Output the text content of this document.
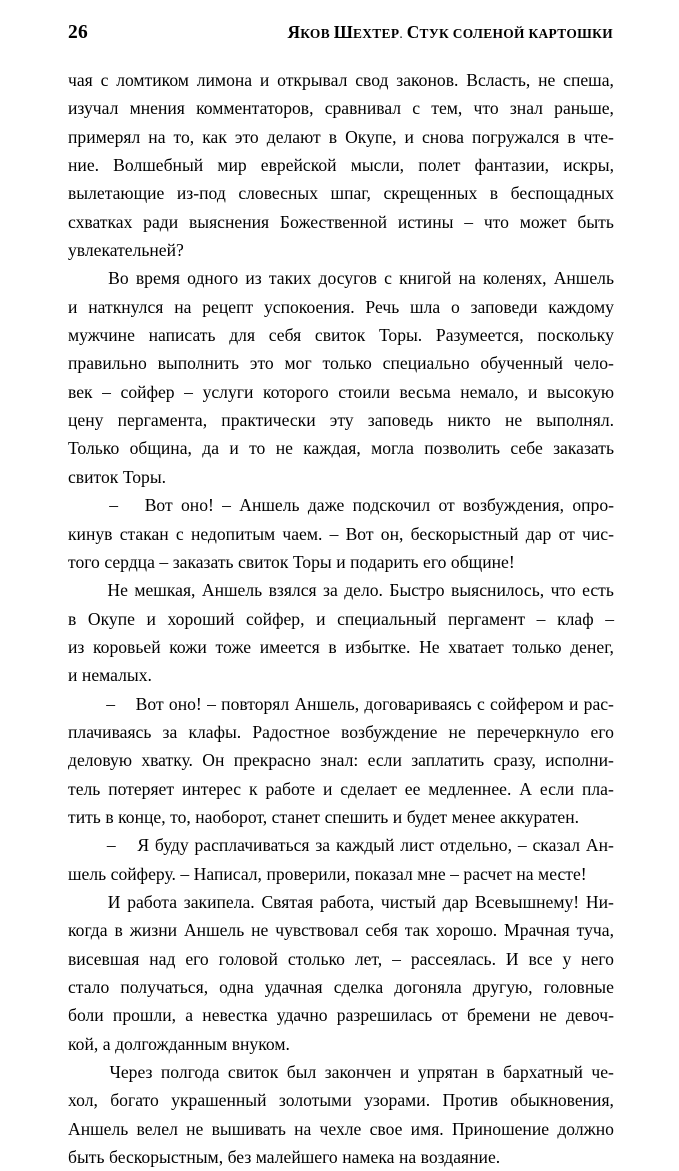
26	ЯКОВ ШЕХТЕР. СТУК СОЛЕНОЙ КАРТОШКИ

чая с ломтиком лимона и открывал свод законов. Всласть, не спеша,
изучал мнения комментаторов, сравнивал с тем, что знал раньше,
примерял на то, как это делают в Окупе, и снова погружался в чте-
ние. Волшебный мир еврейской мысли, полет фантазии, искры,
вылетающие из-под словесных шпаг, скрещенных в беспощадных
схватках ради выяснения Божественной истины – что может быть
увлекательней?

Во время одного из таких досугов с книгой на коленях, Аншель
и наткнулся на рецепт успокоения. Речь шла о заповеди каждому
мужчине написать для себя свиток Торы. Разумеется, поскольку
правильно выполнить это мог только специально обученный чело-
век – сойфер – услуги которого стоили весьма немало, и высокую
цену пергамента, практически эту заповедь никто не выполнял.
Только община, да и то не каждая, могла позволить себе заказать
свиток Торы.

– Вот оно! – Аншель даже подскочил от возбуждения, опро-
кинув стакан с недопитым чаем. – Вот он, бескорыстный дар от чис-
того сердца – заказать свиток Торы и подарить его общине!

Не мешкая, Аншель взялся за дело. Быстро выяснилось, что есть
в Окупе и хороший сойфер, и специальный пергамент – клаф –
из коровьей кожи тоже имеется в избытке. Не хватает только денег,
и немалых.

– Вот оно! – повторял Аншель, договариваясь с сойфером и рас-
плачиваясь за клафы. Радостное возбуждение не перечеркнуло его
деловую хватку. Он прекрасно знал: если заплатить сразу, исполни-
тель потеряет интерес к работе и сделает ее медленнее. А если пла-
тить в конце, то, наоборот, станет спешить и будет менее аккуратен.

– Я буду расплачиваться за каждый лист отдельно, – сказал Ан-
шель сойферу. – Написал, проверили, показал мне – расчет на месте!

И работа закипела. Святая работа, чистый дар Всевышнему! Ни-
когда в жизни Аншель не чувствовал себя так хорошо. Мрачная туча,
висевшая над его головой столько лет, – рассеялась. И все у него
стало получаться, одна удачная сделка догоняла другую, головные
боли прошли, а невестка удачно разрешилась от бремени не девоч-
кой, а долгожданным внуком.

Через полгода свиток был закончен и упрятан в бархатный че-
хол, богато украшенный золотыми узорами. Против обыкновения,
Аншель велел не вышивать на чехле свое имя. Приношение должно
быть бескорыстным, без малейшего намека на воздаяние.
